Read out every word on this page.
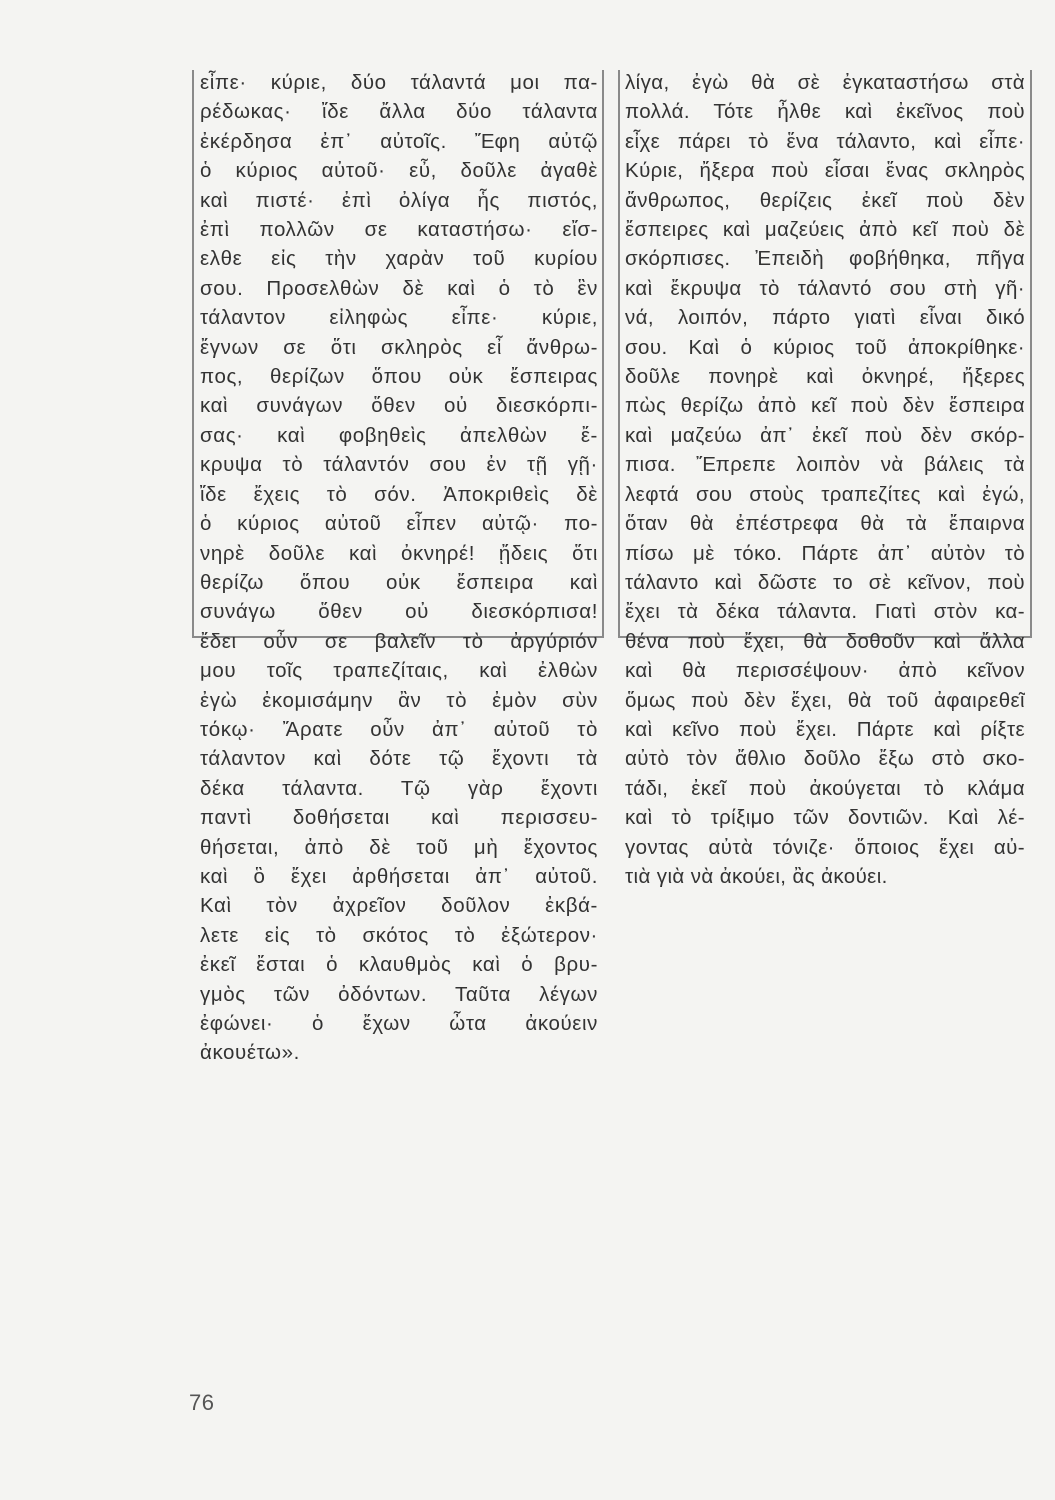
εἶπε· κύριε, δύο τάλαντά μοι πα-
ρέδωκας· ἴδε ἄλλα δύο τάλαντα
ἐκέρδησα ἐπ᾿ αὐτοῖς. Ἔφη αὐτῷ
ὁ κύριος αὐτοῦ· εὖ, δοῦλε ἀγαθὲ
καὶ πιστέ· ἐπὶ ὀλίγα ἧς πιστός,
ἐπὶ πολλῶν σε καταστήσω· εἴσ-
ελθε εἰς τὴν χαρὰν τοῦ κυρίου
σου. Προσελθὼν δὲ καὶ ὁ τὸ ἓν
τάλαντον εἰληφὼς εἶπε· κύριε,
ἔγνων σε ὅτι σκληρὸς εἶ ἄνθρω-
πος, θερίζων ὅπου οὐκ ἔσπειρας
καὶ συνάγων ὅθεν οὐ διεσκόρπι-
σας· καὶ φοβηθεὶς ἀπελθὼν ἔ-
κρυψα τὸ τάλαντόν σου ἐν τῇ γῇ·
ἴδε ἔχεις τὸ σόν. Ἀποκριθεὶς δὲ
ὁ κύριος αὐτοῦ εἶπεν αὐτῷ· πο-
νηρὲ δοῦλε καὶ ὀκνηρέ! ᾔδεις ὅτι
θερίζω ὅπου οὐκ ἔσπειρα καὶ
συνάγω ὅθεν οὐ διεσκόρπισα!
ἔδει οὖν σε βαλεῖν τὸ ἀργύριόν
μου τοῖς τραπεζίταις, καὶ ἐλθὼν
ἐγὼ ἐκομισάμην ἂν τὸ ἐμὸν σὺν
τόκῳ· Ἄρατε οὖν ἀπ᾿ αὐτοῦ τὸ
τάλαντον καὶ δότε τῷ ἔχοντι τὰ
δέκα τάλαντα. Τῷ γὰρ ἔχοντι
παντὶ δοθήσεται καὶ περισσευ-
θήσεται, ἀπὸ δὲ τοῦ μὴ ἔχοντος
καὶ ὃ ἔχει ἀρθήσεται ἀπ᾿ αὐτοῦ.
Καὶ τὸν ἀχρεῖον δοῦλον ἐκβά-
λετε εἰς τὸ σκότος τὸ ἐξώτερον·
ἐκεῖ ἔσται ὁ κλαυθμὸς καὶ ὁ βρυ-
γμὸς τῶν ὀδόντων. Ταῦτα λέγων
ἐφώνει· ὁ ἔχων ὦτα ἀκούειν
ἀκουέτω».
λίγα, ἐγὼ θὰ σὲ ἐγκαταστήσω στὰ
πολλά. Τότε ἦλθε καὶ ἐκεῖνος ποὺ
εἶχε πάρει τὸ ἕνα τάλαντο, καὶ εἶπε·
Κύριε, ἤξερα ποὺ εἶσαι ἕνας σκληρὸς
ἄνθρωπος, θερίζεις ἐκεῖ ποὺ δὲν
ἔσπειρες καὶ μαζεύεις ἀπὸ κεῖ ποὺ δὲ
σκόρπισες. Ἐπειδὴ φοβήθηκα, πῆγα
καὶ ἔκρυψα τὸ τάλαντό σου στὴ γῆ·
νά, λοιπόν, πάρτο γιατὶ εἶναι δικό
σου. Καὶ ὁ κύριος τοῦ ἀποκρίθηκε·
δοῦλε πονηρὲ καὶ ὀκνηρέ, ἤξερες
πὼς θερίζω ἀπὸ κεῖ ποὺ δὲν ἔσπειρα
καὶ μαζεύω ἀπ᾿ ἐκεῖ ποὺ δὲν σκόρ-
πισα. Ἔπρεπε λοιπὸν νὰ βάλεις τὰ
λεφτά σου στοὺς τραπεζίτες καὶ ἐγώ,
ὅταν θὰ ἐπέστρεφα θὰ τὰ ἔπαιρνα
πίσω μὲ τόκο. Πάρτε ἀπ᾿ αὐτὸν τὸ
τάλαντο καὶ δῶστε το σὲ κεῖνον, ποὺ
ἔχει τὰ δέκα τάλαντα. Γιατὶ στὸν κα-
θένα ποὺ ἔχει, θὰ δοθοῦν καὶ ἄλλα
καὶ θὰ περισσέψουν· ἀπὸ κεῖνον
ὅμως ποὺ δὲν ἔχει, θὰ τοῦ ἀφαιρεθεῖ
καὶ κεῖνο ποὺ ἔχει. Πάρτε καὶ ρίξτε
αὐτὸ τὸν ἄθλιο δοῦλο ἔξω στὸ σκο-
τάδι, ἐκεῖ ποὺ ἀκούγεται τὸ κλάμα
καὶ τὸ τρίξιμο τῶν δοντιῶν. Καὶ λέ-
γοντας αὐτὰ τόνιζε· ὅποιος ἔχει αὐ-
τιὰ γιὰ νὰ ἀκούει, ἂς ἀκούει.
76
